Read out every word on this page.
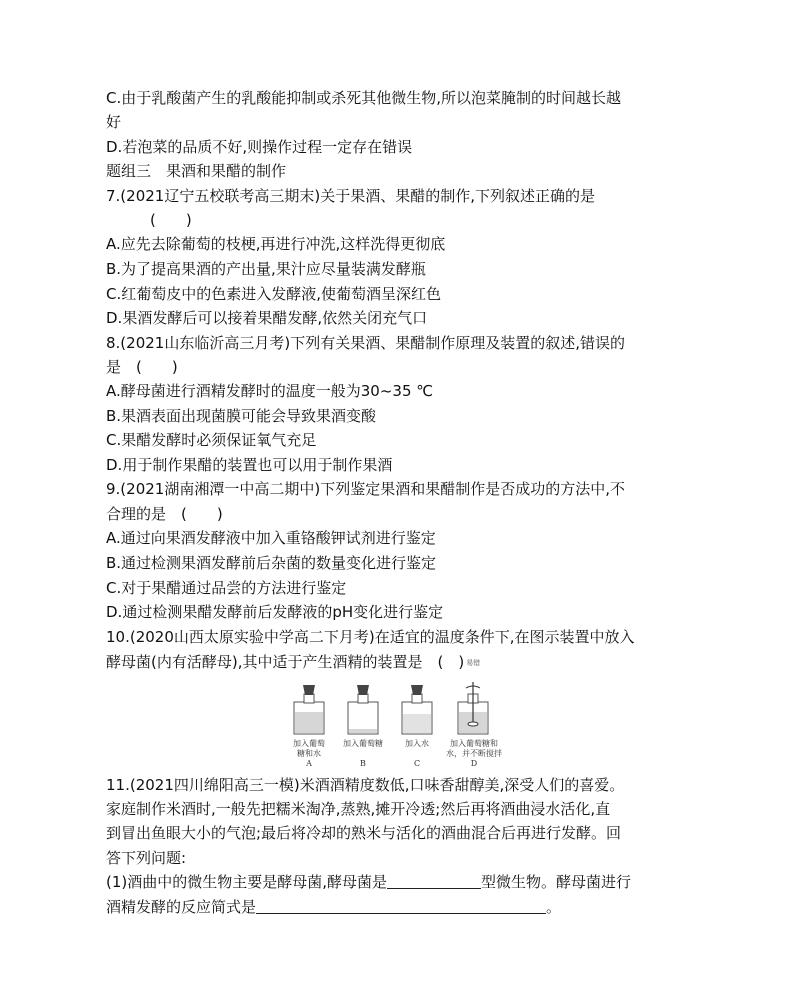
C.由于乳酸菌产生的乳酸能抑制或杀死其他微生物,所以泡菜腌制的时间越长越
好
D.若泡菜的品质不好,则操作过程一定存在错误
题组三　果酒和果醋的制作
7.(2021辽宁五校联考高三期末)关于果酒、果醋的制作,下列叙述正确的是
(　　)
A.应先去除葡萄的枝梗,再进行冲洗,这样洗得更彻底
B.为了提高果酒的产出量,果汁应尽量装满发酵瓶
C.红葡萄皮中的色素进入发酵液,使葡萄酒呈深红色
D.果酒发酵后可以接着果醋发酵,依然关闭充气口
8.(2021山东临沂高三月考)下列有关果酒、果醋制作原理及装置的叙述,错误的
是　(　　)
A.酵母菌进行酒精发酵时的温度一般为30~35 ℃
B.果酒表面出现菌膜可能会导致果酒变酸
C.果醋发酵时必须保证氧气充足
D.用于制作果醋的装置也可以用于制作果酒
9.(2021湖南湘潭一中高二期中)下列鉴定果酒和果醋制作是否成功的方法中,不
合理的是　(　　)
A.通过向果酒发酵液中加入重铬酸钾试剂进行鉴定
B.通过检测果酒发酵前后杂菌的数量变化进行鉴定
C.对于果醋通过品尝的方法进行鉴定
D.通过检测果醋发酵前后发酵液的pH变化进行鉴定
10.(2020山西太原实验中学高二下月考)在适宜的温度条件下,在图示装置中放入
酵母菌(内有活酵母),其中适于产生酒精的装置是　(　) 易错
加入葡萄
糖和水
A
加入葡萄糖

B
加入水

C
加入葡萄糖和
水，并不断搅拌
D
11.(2021四川绵阳高三一模)米酒酒精度数低,口味香甜醇美,深受人们的喜爱。
家庭制作米酒时,一般先把糯米淘净,蒸熟,摊开冷透;然后再将酒曲浸水活化,直
到冒出鱼眼大小的气泡;最后将冷却的熟米与活化的酒曲混合后再进行发酵。回
答下列问题:
(1)酒曲中的微生物主要是酵母菌,酵母菌是	型微生物。酵母菌进行
酒精发酵的反应简式是	。
